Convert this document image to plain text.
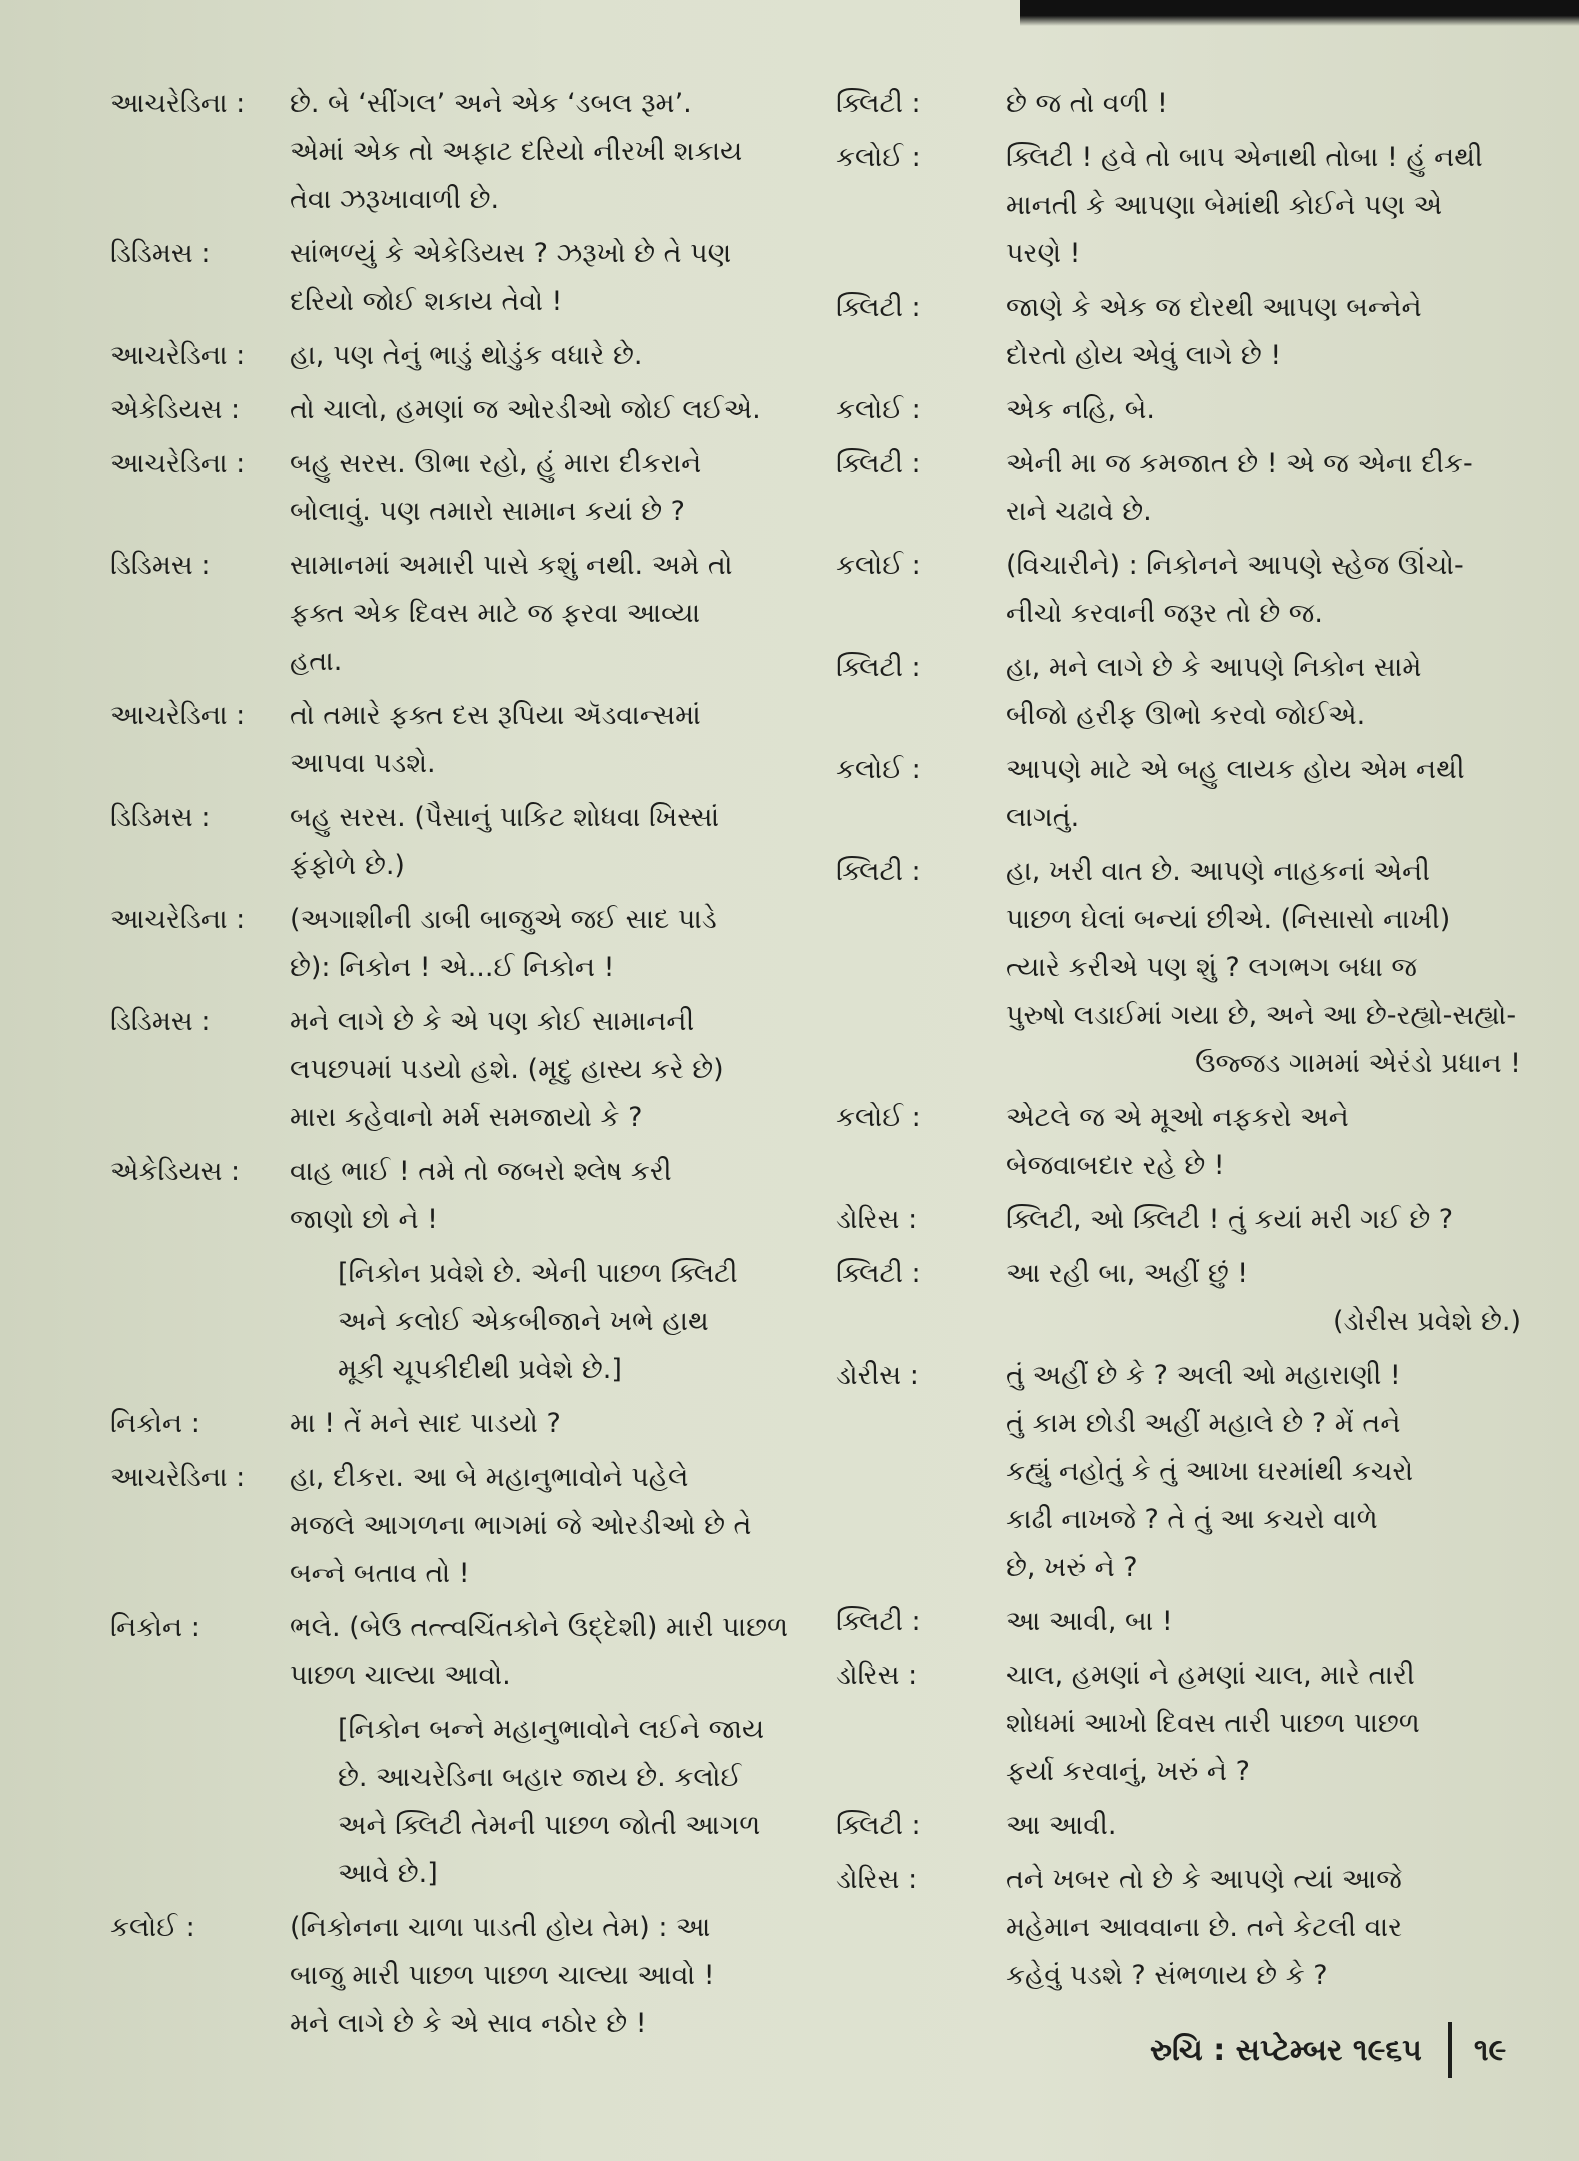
આચરેડિના :	છે. બે ‘સીંગલ’ અને એક ‘ડબલ રૂમ’.
એમાં એક તો અફાટ દરિયો નીરખી શકાય
તેવા ઝરૂખાવાળી છે.
ડિડિમસ :	સાંભળ્યું કે એકેડિયસ ? ઝરૂખો છે તે પણ
દરિયો જોઈ શકાય તેવો !
આચરેડિના :	હા, પણ તેનું ભાડું થોડુંક વધારે છે.
એકેડિયસ :	તો ચાલો, હમણાં જ ઓરડીઓ જોઈ લઈએ.
આચરેડિના :	બહુ સરસ. ઊભા રહો, હું મારા દીકરાને
બોલાવું. પણ તમારો સામાન કયાં છે ?
ડિડિમસ :	સામાનમાં અમારી પાસે કશું નથી. અમે તો
ફક્ત એક દિવસ માટે જ ફરવા આવ્યા
હતા.
આચરેડિના :	તો તમારે ફક્ત દસ રૂપિયા ઍડવાન્સમાં
આપવા પડશે.
ડિડિમસ :	બહુ સરસ. (પૈસાનું પાકિટ શોધવા ખિસ્સાં
ફંફોળે છે.)
આચરેડિના :	(અગાશીની ડાબી બાજુએ જઈ સાદ પાડે
છે): નિકોન ! એ...ઈ નિકોન !
ડિડિમસ :	મને લાગે છે કે એ પણ કોઈ સામાનની
લપછપમાં પડયો હશે. (મૃદુ હાસ્ય કરે છે)
મારા કહેવાનો મર્મ સમજાયો કે ?
એકેડિયસ :	વાહ ભાઈ ! તમે તો જબરો શ્લેષ કરી
જાણો છો ને !
[નિકોન પ્રવેશે છે. એની પાછળ ક્લિટી
અને કલોઈ એકબીજાને ખભે હાથ
મૂકી ચૂપકીદીથી પ્રવેશે છે.]
નિકોન :	મા ! તેં મને સાદ પાડયો ?
આચરેડિના :	હા, દીકરા. આ બે મહાનુભાવોને પહેલે
મજલે આગળના ભાગમાં જે ઓરડીઓ છે તે
બન્ને બતાવ તો !
નિકોન :	ભલે. (બેઉ તત્ત્વચિંતકોને ઉદ્દેશી) મારી પાછળ
પાછળ ચાલ્યા આવો.
[નિકોન બન્ને મહાનુભાવોને લઈને જાય
છે. આચરેડિના બહાર જાય છે. કલોઈ
અને ક્લિટી તેમની પાછળ જોતી આગળ
આવે છે.]
કલોઈ :	(નિકોનના ચાળા પાડતી હોય તેમ) : આ
બાજુ મારી પાછળ પાછળ ચાલ્યા આવો !
મને લાગે છે કે એ સાવ નઠોર છે !
ક્લિટી :	છે જ તો વળી !
કલોઈ :	ક્લિટી ! હવે તો બાપ એનાથી તોબા ! હું નથી
માનતી કે આપણા બેમાંથી કોઈને પણ એ
પરણે !
ક્લિટી :	જાણે કે એક જ દોરથી આપણ બન્નેને
દોરતો હોય એવું લાગે છે !
કલોઈ :	એક નહિ, બે.
ક્લિટી :	એની મા જ કમજાત છે ! એ જ એના દીક-
રાને ચઢાવે છે.
કલોઈ :	(વિચારીને) : નિકોનને આપણે સ્હેજ ઊંચો-
નીચો કરવાની જરૂર તો છે જ.
ક્લિટી :	હા, મને લાગે છે કે આપણે નિકોન સામે
બીજો હરીફ ઊભો કરવો જોઈએ.
કલોઈ :	આપણે માટે એ બહુ લાયક હોય એમ નથી
લાગતું.
ક્લિટી :	હા, ખરી વાત છે. આપણે નાહકનાં એની
પાછળ ઘેલાં બન્યાં છીએ. (નિસાસો નાખી)
ત્યારે કરીએ પણ શું ? લગભગ બધા જ
પુરુષો લડાઈમાં ગયા છે, અને આ છે-રહ્યો-સહ્યો-
ઉજ્જડ ગામમાં એરંડો પ્રધાન !
કલોઈ :	એટલે જ એ મૂઓ નફકરો અને
બેજવાબદાર રહે છે !
ડોરિસ :	ક્લિટી, ઓ ક્લિટી ! તું કયાં મરી ગઈ છે ?
ક્લિટી :	આ રહી બા, અહીં છું !
(ડોરીસ પ્રવેશે છે.)
ડોરીસ :	તું અહીં છે કે ? અલી ઓ મહારાણી !
તું કામ છોડી અહીં મહાલે છે ? મેં તને
કહ્યું નહોતું કે તું આખા ઘરમાંથી કચરો
કાઢી નાખજે ? તે તું આ કચરો વાળે
છે, ખરું ને ?
ક્લિટી :	આ આવી, બા !
ડોરિસ :	ચાલ, હમણાં ને હમણાં ચાલ, મારે તારી
શોધમાં આખો દિવસ તારી પાછળ પાછળ
ફર્યા કરવાનું, ખરું ને ?
ક્લિટી :	આ આવી.
ડોરિસ :	તને ખબર તો છે કે આપણે ત્યાં આજે
મહેમાન આવવાના છે. તને કેટલી વાર
કહેવું પડશે ? સંભળાય છે કે ?
રુચિ : સપ્ટેમ્બર ૧૯૬૫ ૧૯
